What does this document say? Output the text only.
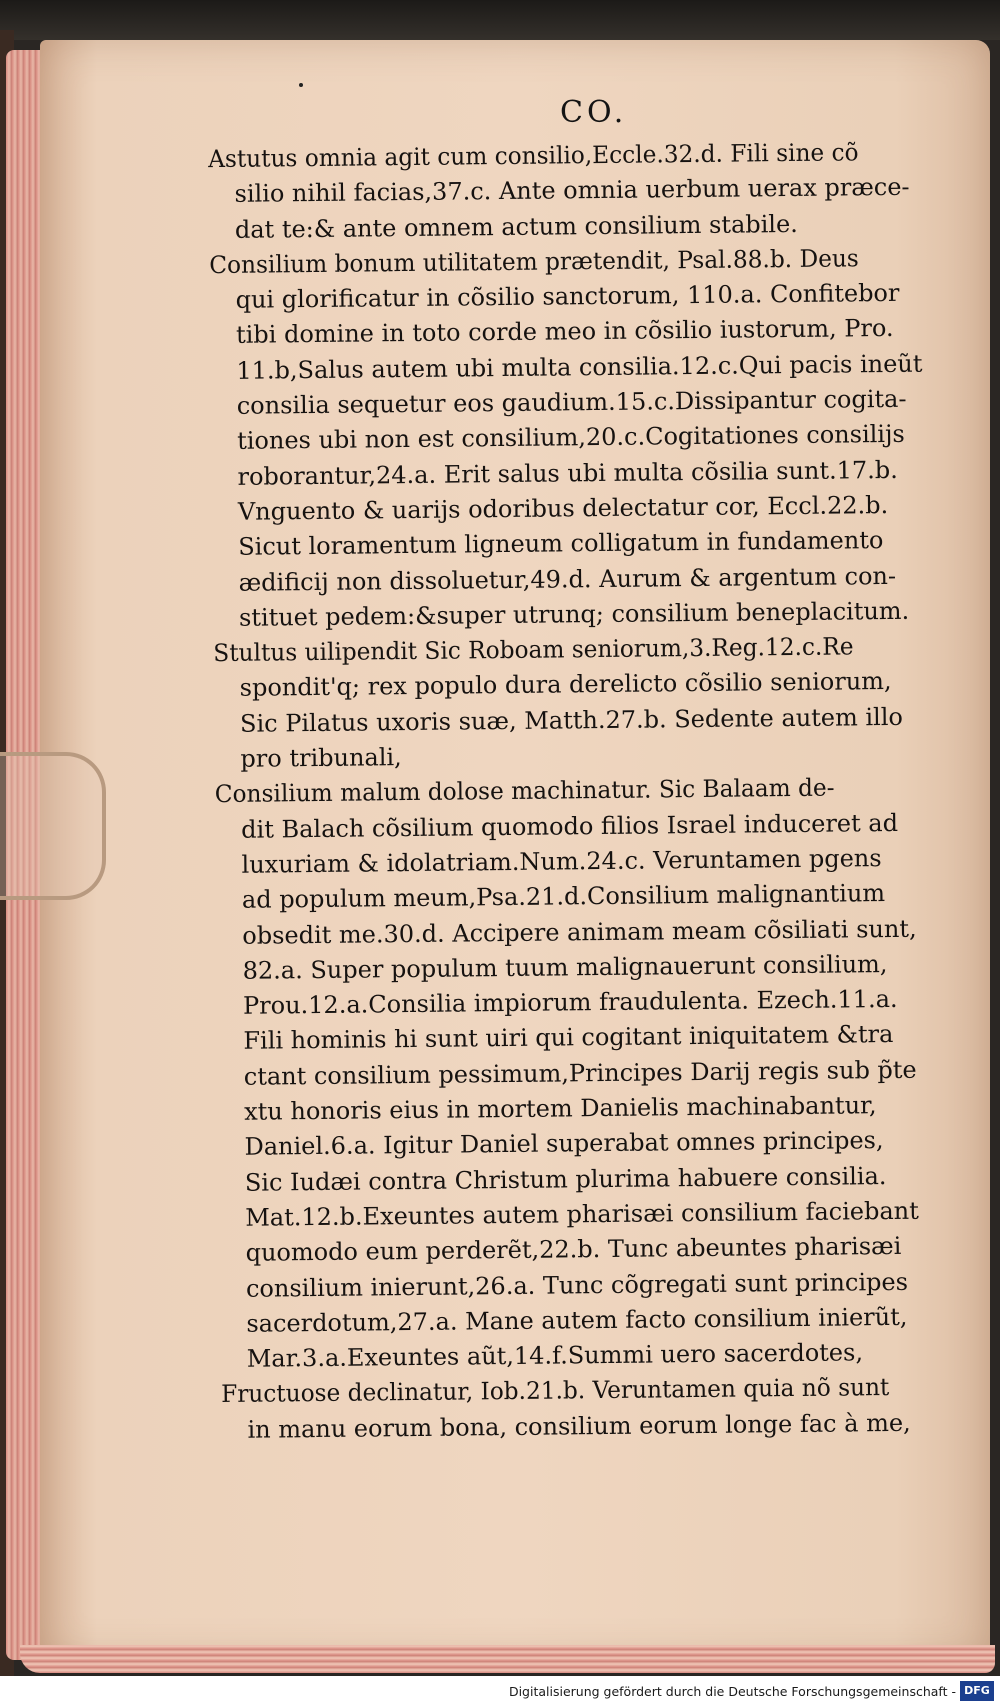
CO.
Astutus omnia agit cum consilio,Eccle.32.d. Fili sine cõ
silio nihil facias,37.c. Ante omnia uerbum uerax præce-
dat te:& ante omnem actum consilium stabile.
Consilium bonum utilitatem prætendit, Psal.88.b. Deus
qui glorificatur in cõsilio sanctorum, 110.a. Confitebor
tibi domine in toto corde meo in cõsilio iustorum, Pro.
11.b,Salus autem ubi multa consilia.12.c.Qui pacis ineũt
consilia sequetur eos gaudium.15.c.Dissipantur cogita-
tiones ubi non est consilium,20.c.Cogitationes consilijs
roborantur,24.a. Erit salus ubi multa cõsilia sunt.17.b.
Vnguento & uarijs odoribus delectatur cor, Eccl.22.b.
Sicut loramentum ligneum colligatum in fundamento
ædificij non dissoluetur,49.d. Aurum & argentum con-
stituet pedem:&super utrunq; consilium beneplacitum.
Stultus uilipendit Sic Roboam seniorum,3.Reg.12.c.Re
spondit'q; rex populo dura derelicto cõsilio seniorum,
Sic Pilatus uxoris suæ, Matth.27.b. Sedente autem illo
pro tribunali,
Consilium malum dolose machinatur. Sic Balaam de-
dit Balach cõsilium quomodo filios Israel induceret ad
luxuriam & idolatriam.Num.24.c. Veruntamen pgens
ad populum meum,Psa.21.d.Consilium malignantium
obsedit me.30.d. Accipere animam meam cõsiliati sunt,
82.a. Super populum tuum malignauerunt consilium,
Prou.12.a.Consilia impiorum fraudulenta. Ezech.11.a.
Fili hominis hi sunt uiri qui cogitant iniquitatem &tra
ctant consilium pessimum,Principes Darij regis sub p̃te
xtu honoris eius in mortem Danielis machinabantur,
Daniel.6.a. Igitur Daniel superabat omnes principes,
Sic Iudæi contra Christum plurima habuere consilia.
Mat.12.b.Exeuntes autem pharisæi consilium faciebant
quomodo eum perderẽt,22.b. Tunc abeuntes pharisæi
consilium inierunt,26.a. Tunc cõgregati sunt principes
sacerdotum,27.a. Mane autem facto consilium inierũt,
Mar.3.a.Exeuntes aũt,14.f.Summi uero sacerdotes,
Fructuose declinatur, Iob.21.b. Veruntamen quia nõ sunt
in manu eorum bona, consilium eorum longe fac à me,
Digitalisierung gefördert durch die Deutsche Forschungsgemeinschaft - DFG
